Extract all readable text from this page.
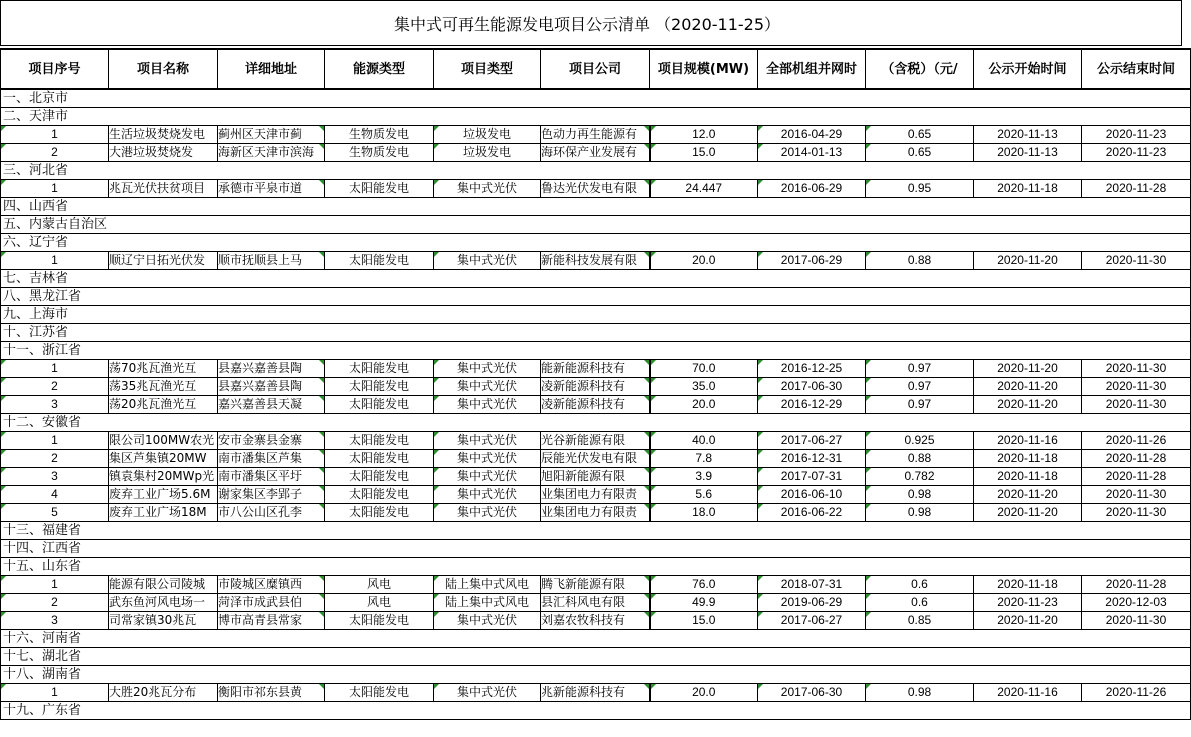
集中式可再生能源发电项目公示清单 （2020-11-25）
项目序号	项目名称	详细地址	能源类型	项目类型	项目公司	项目规模(MW)	全部机组并网时	（含税）（元/	公示开始时间	公示结束时间
一、北京市										
二、天津市										
1	生活垃圾焚烧发电	蓟州区天津市蓟	生物质发电	垃圾发电	色动力再生能源有	12.0	2016-04-29	0.65	2020-11-13	2020-11-23
2	大港垃圾焚烧发	海新区天津市滨海	生物质发电	垃圾发电	海环保产业发展有	15.0	2014-01-13	0.65	2020-11-13	2020-11-23
三、河北省										
1	兆瓦光伏扶贫项目	承德市平泉市道	太阳能发电	集中式光伏	鲁达光伏发电有限	24.447	2016-06-29	0.95	2020-11-18	2020-11-28
四、山西省										
五、内蒙古自治区										
六、辽宁省										
1	顺辽宁日拓光伏发	顺市抚顺县上马	太阳能发电	集中式光伏	新能科技发展有限	20.0	2017-06-29	0.88	2020-11-20	2020-11-30
七、吉林省										
八、黑龙江省										
九、上海市										
十、江苏省										
十一、浙江省										
1	荡70兆瓦渔光互	县嘉兴嘉善县陶	太阳能发电	集中式光伏	能新能源科技有	70.0	2016-12-25	0.97	2020-11-20	2020-11-30
2	荡35兆瓦渔光互	县嘉兴嘉善县陶	太阳能发电	集中式光伏	凌新能源科技有	35.0	2017-06-30	0.97	2020-11-20	2020-11-30
3	荡20兆瓦渔光互	嘉兴嘉善县天凝	太阳能发电	集中式光伏	凌新能源科技有	20.0	2016-12-29	0.97	2020-11-20	2020-11-30
十二、安徽省										
1	限公司100MW农光	安市金寨县金寨	太阳能发电	集中式光伏	光谷新能源有限	40.0	2017-06-27	0.925	2020-11-16	2020-11-26
2	集区芦集镇20MW	南市潘集区芦集	太阳能发电	集中式光伏	辰能光伏发电有限	7.8	2016-12-31	0.88	2020-11-18	2020-11-28
3	镇袁集村20MWp光	南市潘集区平圩	太阳能发电	集中式光伏	旭阳新能源有限	3.9	2017-07-31	0.782	2020-11-18	2020-11-28
4	废弃工业广场5.6M	谢家集区李郢子	太阳能发电	集中式光伏	业集团电力有限责	5.6	2016-06-10	0.98	2020-11-20	2020-11-30
5	废弃工业广场18M	市八公山区孔李	太阳能发电	集中式光伏	业集团电力有限责	18.0	2016-06-22	0.98	2020-11-20	2020-11-30
十三、福建省										
十四、江西省										
十五、山东省										
1	能源有限公司陵城	市陵城区糜镇西	风电	陆上集中式风电	腾飞新能源有限	76.0	2018-07-31	0.6	2020-11-18	2020-11-28
2	武东鱼河风电场一	菏泽市成武县伯	风电	陆上集中式风电	县汇科风电有限	49.9	2019-06-29	0.6	2020-11-23	2020-12-03
3	司常家镇30兆瓦	博市高青县常家	太阳能发电	集中式光伏	刘嘉农牧科技有	15.0	2017-06-27	0.85	2020-11-20	2020-11-30
十六、河南省										
十七、湖北省										
十八、湖南省										
1	大胜20兆瓦分布	衡阳市祁东县黄	太阳能发电	集中式光伏	兆新能源科技有	20.0	2017-06-30	0.98	2020-11-16	2020-11-26
十九、广东省										
